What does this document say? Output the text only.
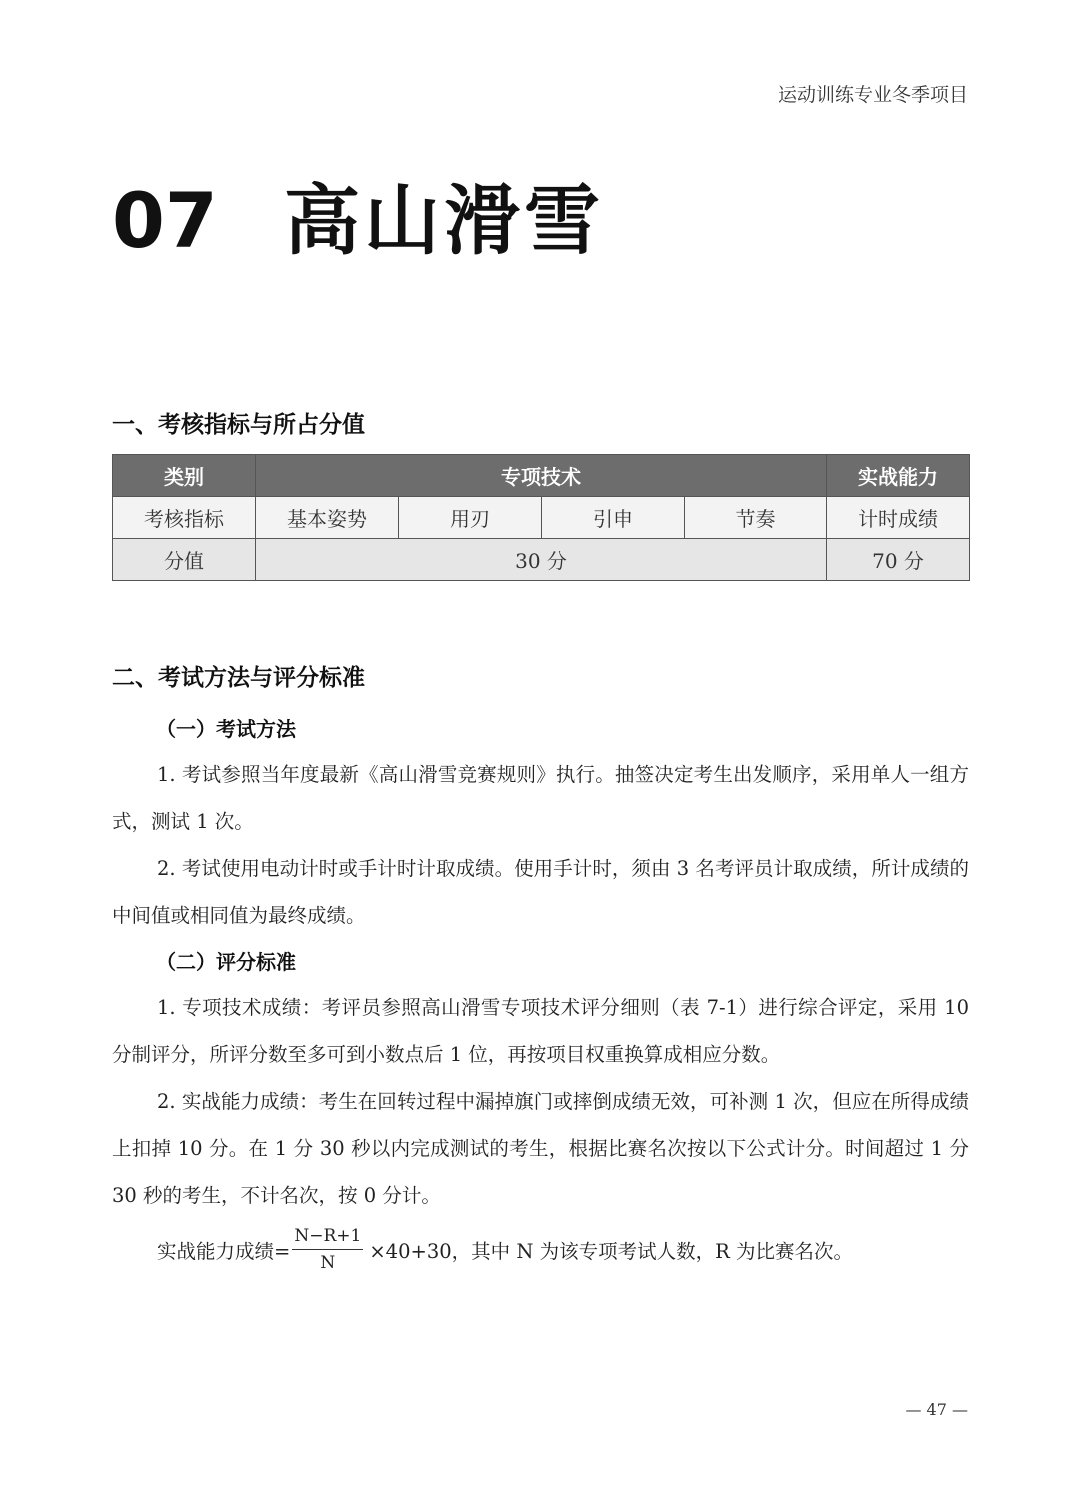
运动训练专业冬季项目
07 高山滑雪
一、考核指标与所占分值
类别	专项技术				实战能力
考核指标	基本姿势	用刃	引申	节奏	计时成绩
分值	30 分				70 分
二、考试方法与评分标准
（一）考试方法
1. 考试参照当年度最新《高山滑雪竞赛规则》执行。抽签决定考生出发顺序，采用单人一组方式，测试 1 次。
2. 考试使用电动计时或手计时计取成绩。使用手计时，须由 3 名考评员计取成绩，所计成绩的中间值或相同值为最终成绩。
（二）评分标准
1. 专项技术成绩：考评员参照高山滑雪专项技术评分细则（表 7-1）进行综合评定，采用 10 分制评分，所评分数至多可到小数点后 1 位，再按项目权重换算成相应分数。
2. 实战能力成绩：考生在回转过程中漏掉旗门或摔倒成绩无效，可补测 1 次，但应在所得成绩上扣掉 10 分。在 1 分 30 秒以内完成测试的考生，根据比赛名次按以下公式计分。时间超过 1 分 30 秒的考生，不计名次，按 0 分计。
实战能力成绩= $\frac{N-R+1}{N} \times 40+30$，其中 N 为该专项考试人数，R 为比赛名次。
— 47 —
